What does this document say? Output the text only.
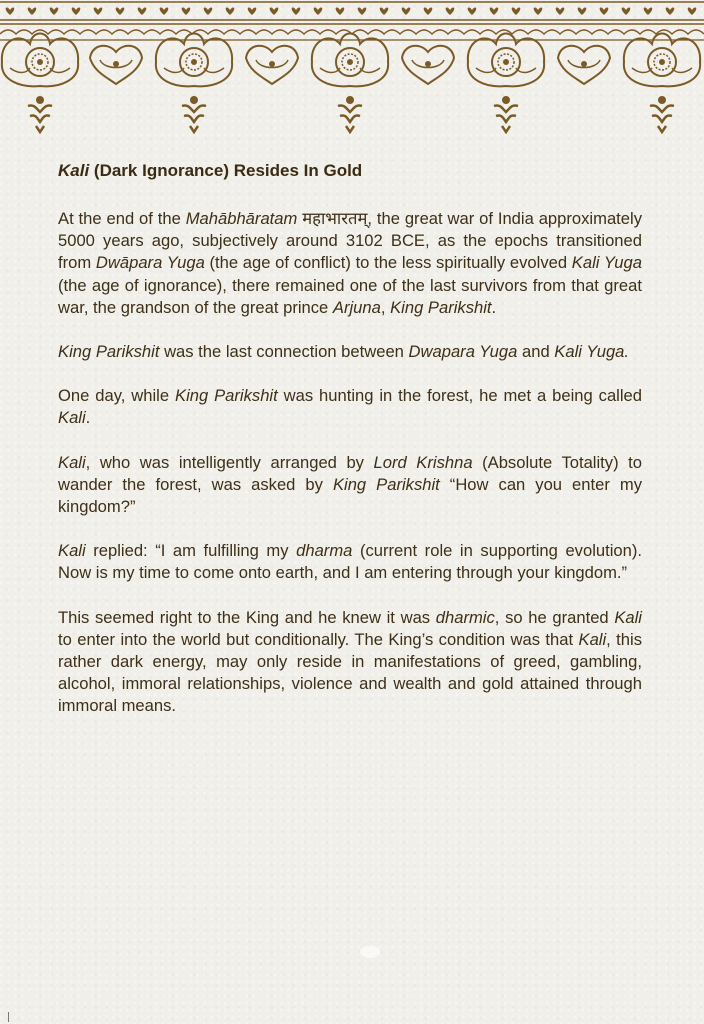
Kali (Dark Ignorance) Resides In Gold

At the end of the Mahābhāratam महाभारतम्, the great war of India approximately 5000 years ago, subjectively around 3102 BCE, as the epochs transitioned from Dwāpara Yuga (the age of conflict) to the less spiritually evolved Kali Yuga (the age of ignorance), there remained one of the last survivors from that great war, the grandson of the great prince Arjuna, King Parikshit.

King Parikshit was the last connection between Dwapara Yuga and Kali Yuga.

One day, while King Parikshit was hunting in the forest, he met a being called Kali.

Kali, who was intelligently arranged by Lord Krishna (Absolute Totality) to wander the forest, was asked by King Parikshit “How can you enter my kingdom?”

Kali replied: “I am fulfilling my dharma (current role in supporting evolution). Now is my time to come onto earth, and I am entering through your kingdom.”

This seemed right to the King and he knew it was dharmic, so he granted Kali to enter into the world but conditionally. The King’s condition was that Kali, this rather dark energy, may only reside in manifestations of greed, gambling, alcohol, immoral relationships, violence and wealth and gold attained through immoral means.
